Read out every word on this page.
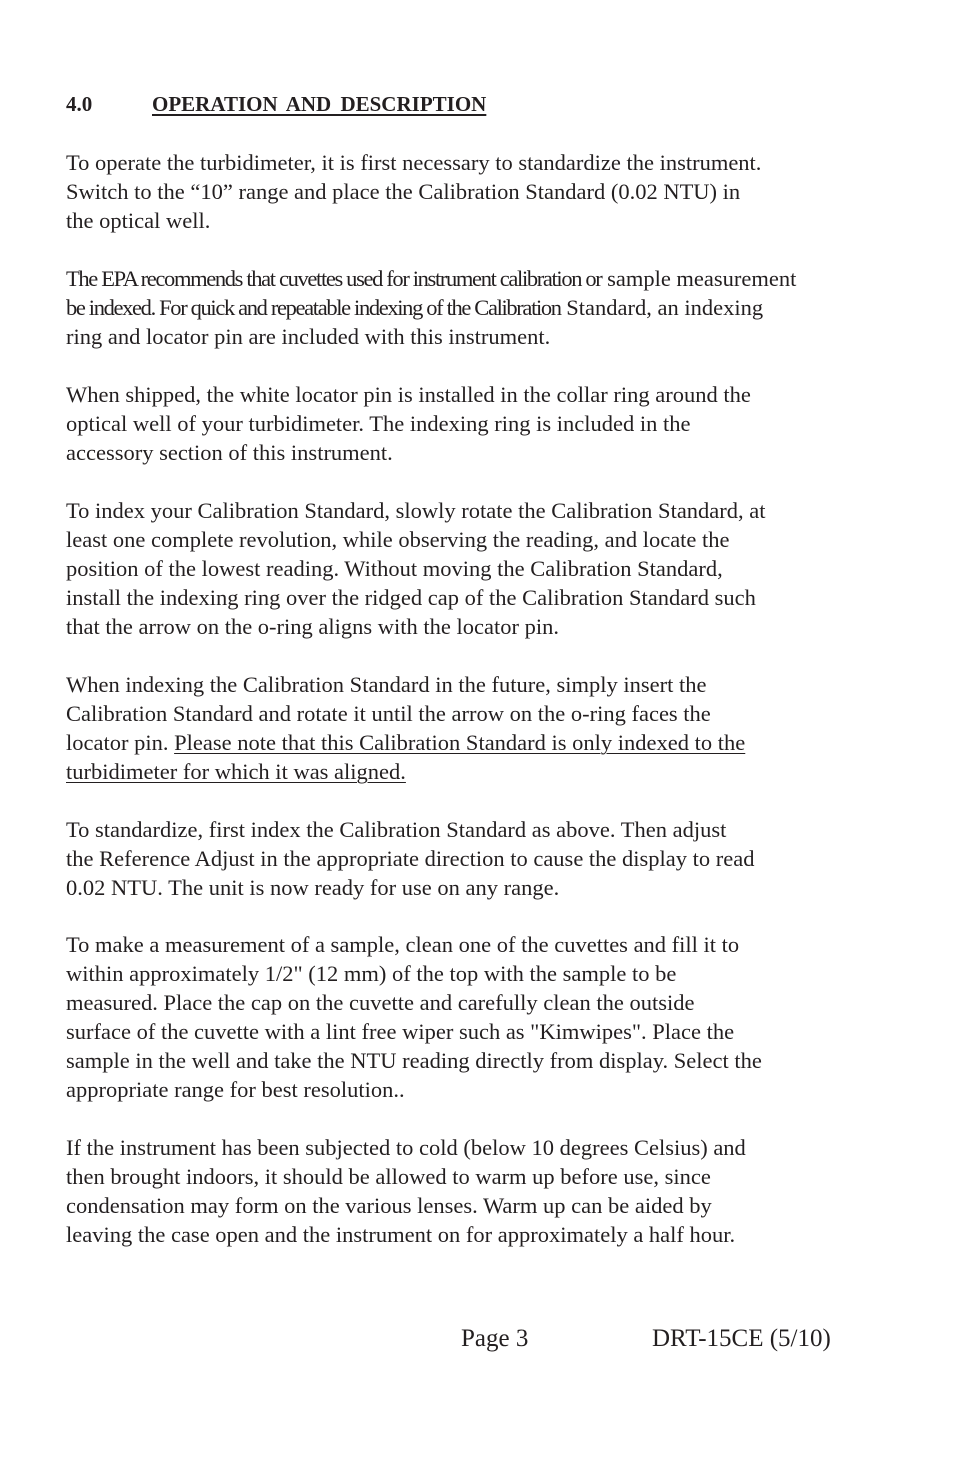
4.0	OPERATION AND DESCRIPTION
To operate the turbidimeter, it is first necessary to standardize the instrument.
Switch to the “10” range and place the Calibration Standard (0.02 NTU) in
the optical well.
The EPA recommends that cuvettes used for instrument calibration or sample measurement
be indexed. For quick and repeatable indexing of the Calibration Standard, an indexing
ring and locator pin are included with this instrument.
When shipped, the white locator pin is installed in the collar ring around the
optical well of your turbidimeter. The indexing ring is included in the
accessory section of this instrument.
To index your Calibration Standard, slowly rotate the Calibration Standard, at
least one complete revolution, while observing the reading, and locate the
position of the lowest reading. Without moving the Calibration Standard,
install the indexing ring over the ridged cap of the Calibration Standard such
that the arrow on the o-ring aligns with the locator pin.
When indexing the Calibration Standard in the future, simply insert the
Calibration Standard and rotate it until the arrow on the o-ring faces the
locator pin. Please note that this Calibration Standard is only indexed to the
turbidimeter for which it was aligned.
To standardize, first index the Calibration Standard as above. Then adjust
the Reference Adjust in the appropriate direction to cause the display to read
0.02 NTU. The unit is now ready for use on any range.
To make a measurement of a sample, clean one of the cuvettes and fill it to
within approximately 1/2" (12 mm) of the top with the sample to be
measured. Place the cap on the cuvette and carefully clean the outside
surface of the cuvette with a lint free wiper such as "Kimwipes". Place the
sample in the well and take the NTU reading directly from display. Select the
appropriate range for best resolution..
If the instrument has been subjected to cold (below 10 degrees Celsius) and
then brought indoors, it should be allowed to warm up before use, since
condensation may form on the various lenses. Warm up can be aided by
leaving the case open and the instrument on for approximately a half hour.
Page 3	DRT-15CE (5/10)
